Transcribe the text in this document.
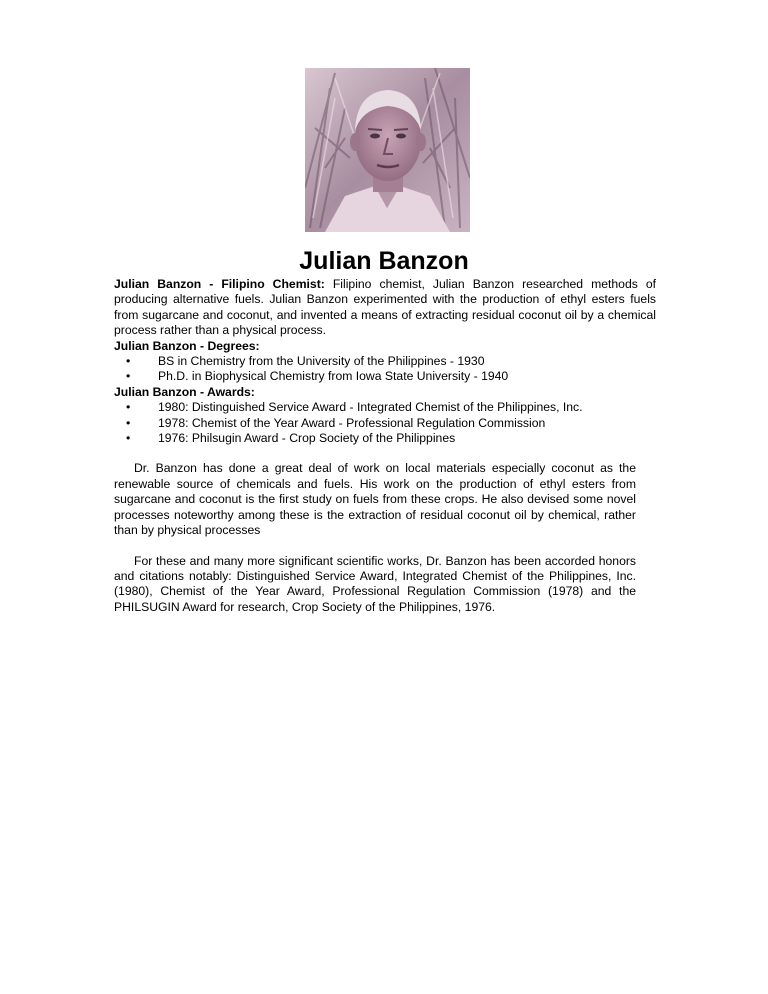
Julian Banzon

Julian Banzon - Filipino Chemist: Filipino chemist, Julian Banzon researched methods of producing alternative fuels. Julian Banzon experimented with the production of ethyl esters fuels from sugarcane and coconut, and invented a means of extracting residual coconut oil by a chemical process rather than a physical process.

Julian Banzon - Degrees:
• BS in Chemistry from the University of the Philippines - 1930
• Ph.D. in Biophysical Chemistry from Iowa State University - 1940
Julian Banzon - Awards:
• 1980: Distinguished Service Award - Integrated Chemist of the Philippines, Inc.
• 1978: Chemist of the Year Award - Professional Regulation Commission
• 1976: Philsugin Award - Crop Society of the Philippines

Dr. Banzon has done a great deal of work on local materials especially coconut as the renewable source of chemicals and fuels. His work on the production of ethyl esters from sugarcane and coconut is the first study on fuels from these crops. He also devised some novel processes noteworthy among these is the extraction of residual coconut oil by chemical, rather than by physical processes

For these and many more significant scientific works, Dr. Banzon has been accorded honors and citations notably: Distinguished Service Award, Integrated Chemist of the Philippines, Inc. (1980), Chemist of the Year Award, Professional Regulation Commission (1978) and the PHILSUGIN Award for research, Crop Society of the Philippines, 1976.
